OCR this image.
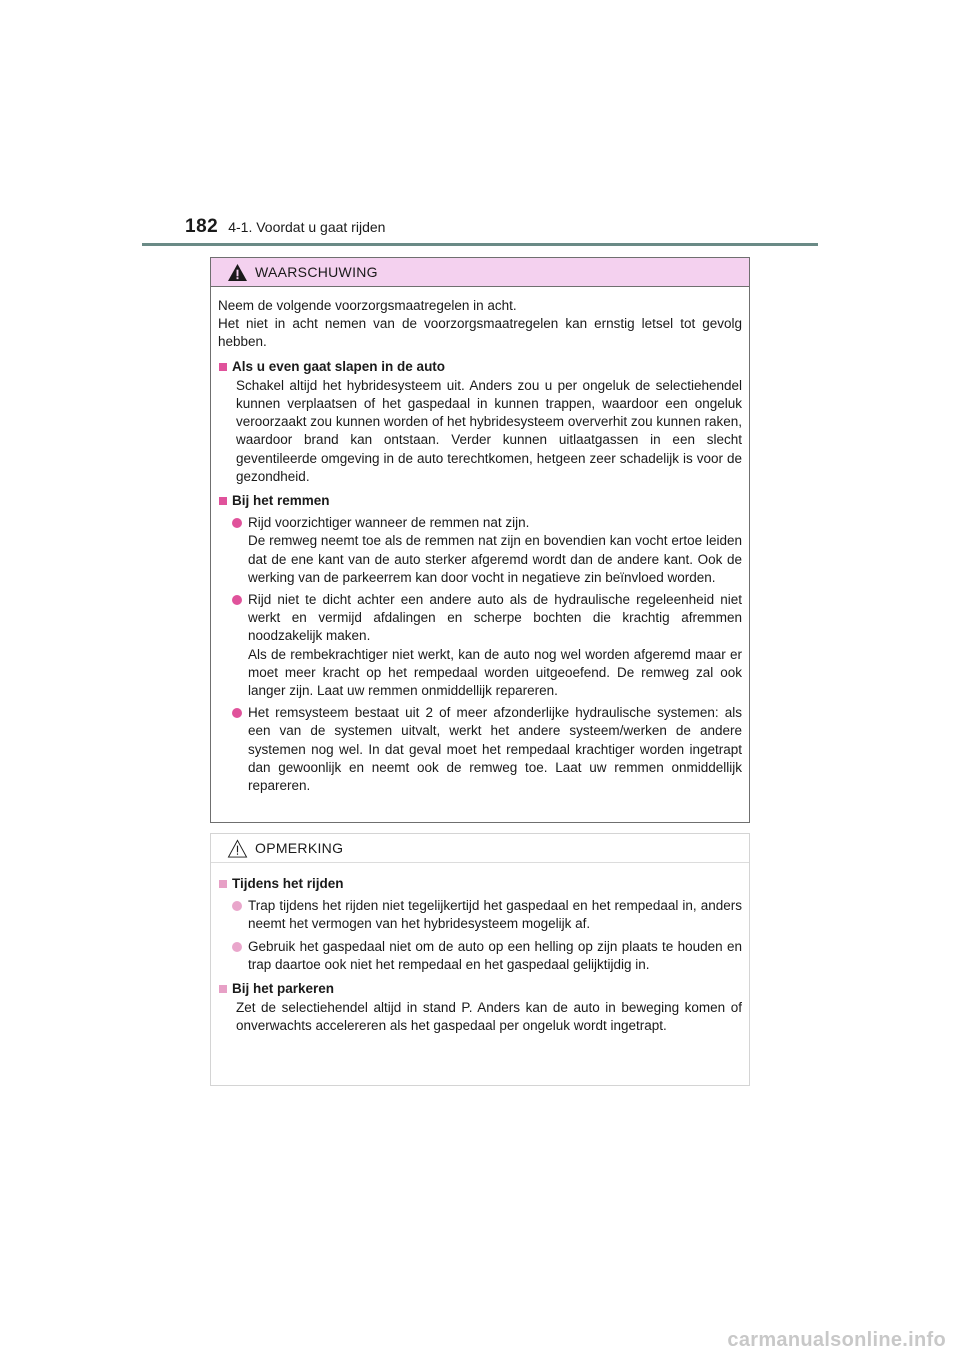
182 4-1. Voordat u gaat rijden
WAARSCHUWING

Neem de volgende voorzorgsmaatregelen in acht.

Het niet in acht nemen van de voorzorgsmaatregelen kan ernstig letsel tot gevolg hebben.

Als u even gaat slapen in de auto

Schakel altijd het hybridesysteem uit. Anders zou u per ongeluk de selectiehendel kunnen verplaatsen of het gaspedaal in kunnen trappen, waardoor een ongeluk veroorzaakt zou kunnen worden of het hybridesysteem oververhit zou kunnen raken, waardoor brand kan ontstaan. Verder kunnen uitlaatgassen in een slecht geventileerde omgeving in de auto terechtkomen, hetgeen zeer schadelijk is voor de gezondheid.

Bij het remmen

Rijd voorzichtiger wanneer de remmen nat zijn.

De remweg neemt toe als de remmen nat zijn en bovendien kan vocht ertoe leiden dat de ene kant van de auto sterker afgeremd wordt dan de andere kant. Ook de werking van de parkeerrem kan door vocht in negatieve zin beïnvloed worden.

Rijd niet te dicht achter een andere auto als de hydraulische regeleenheid niet werkt en vermijd afdalingen en scherpe bochten die krachtig afremmen noodzakelijk maken.

Als de rembekrachtiger niet werkt, kan de auto nog wel worden afgeremd maar er moet meer kracht op het rempedaal worden uitgeoefend. De remweg zal ook langer zijn. Laat uw remmen onmiddellijk repareren.

Het remsysteem bestaat uit 2 of meer afzonderlijke hydraulische systemen: als een van de systemen uitvalt, werkt het andere systeem/werken de andere systemen nog wel. In dat geval moet het rempedaal krachtiger worden ingetrapt dan gewoonlijk en neemt ook de remweg toe. Laat uw remmen onmiddellijk repareren.

OPMERKING
Tijdens het rijden

Trap tijdens het rijden niet tegelijkertijd het gaspedaal en het rempedaal in, anders neemt het vermogen van het hybridesysteem mogelijk af.

Gebruik het gaspedaal niet om de auto op een helling op zijn plaats te houden en trap daartoe ook niet het rempedaal en het gaspedaal gelijktijdig in.

Bij het parkeren

Zet de selectiehendel altijd in stand P. Anders kan de auto in beweging komen of onverwachts accelereren als het gaspedaal per ongeluk wordt ingetrapt.

carmanualsonline.info
